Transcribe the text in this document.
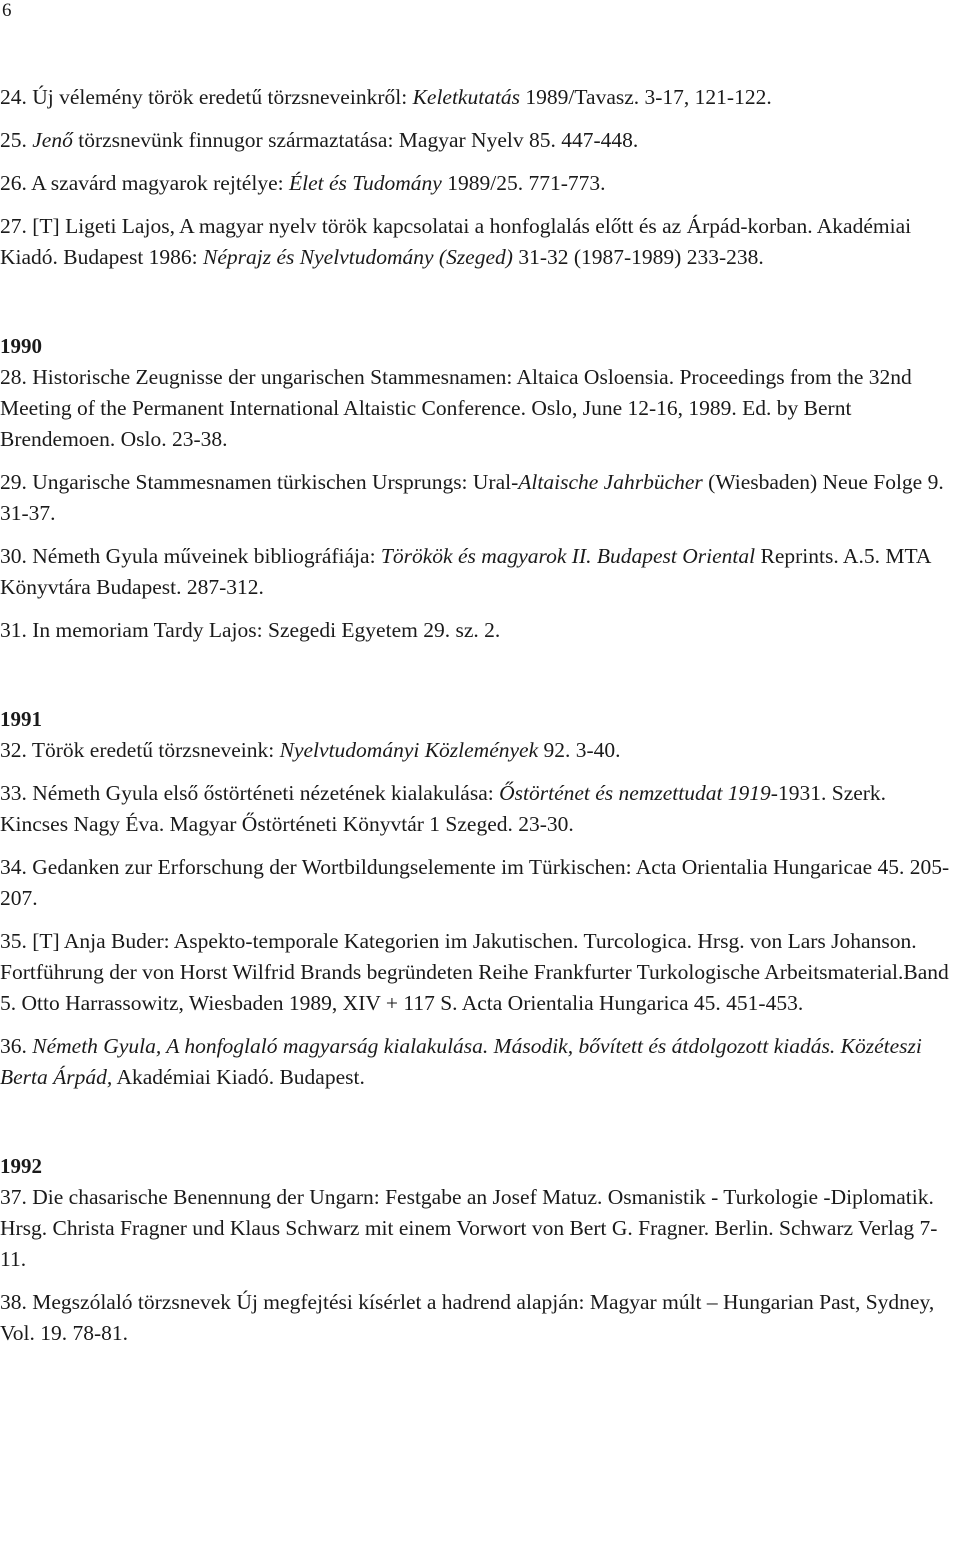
6
24. Új vélemény török eredetű törzsneveinkről: Keletkutatás 1989/Tavasz. 3-17, 121-122.
25. Jenő törzsnevünk finnugor származtatása: Magyar Nyelv 85. 447-448.
26. A szavárd magyarok rejtélye: Élet és Tudomány 1989/25. 771-773.
27. [T] Ligeti Lajos, A magyar nyelv török kapcsolatai a honfoglalás előtt és az Árpád-korban. Akadémiai Kiadó. Budapest 1986: Néprajz és Nyelvtudomány (Szeged) 31-32 (1987-1989) 233-238.
1990
28. Historische Zeugnisse der ungarischen Stammesnamen: Altaica Osloensia. Proceedings from the 32nd Meeting of the Permanent International Altaistic Conference. Oslo, June 12-16, 1989. Ed. by Bernt Brendemoen. Oslo. 23-38.
29. Ungarische Stammesnamen türkischen Ursprungs: Ural-Altaische Jahrbücher (Wiesbaden) Neue Folge 9. 31-37.
30. Németh Gyula műveinek bibliográfiája: Törökök és magyarok II. Budapest Oriental Reprints. A.5. MTA Könyvtára Budapest. 287-312.
31. In memoriam Tardy Lajos: Szegedi Egyetem 29. sz. 2.
1991
32. Török eredetű törzsneveink: Nyelvtudományi Közlemények 92. 3-40.
33. Németh Gyula első őstörténeti nézetének kialakulása: Őstörténet és nemzettudat 1919-1931. Szerk. Kincses Nagy Éva. Magyar Őstörténeti Könyvtár 1 Szeged. 23-30.
34. Gedanken zur Erforschung der Wortbildungselemente im Türkischen: Acta Orientalia Hungaricae 45. 205-207.
35. [T] Anja Buder: Aspekto-temporale Kategorien im Jakutischen. Turcologica. Hrsg. von Lars Johanson. Fortführung der von Horst Wilfrid Brands begründeten Reihe Frankfurter Turkologische Arbeitsmaterial.Band 5. Otto Harrassowitz, Wiesbaden 1989, XIV + 117 S. Acta Orientalia Hungarica 45. 451-453.
36. Németh Gyula, A honfoglaló magyarság kialakulása. Második, bővített és átdolgozott kiadás. Közéteszi Berta Árpád, Akadémiai Kiadó. Budapest.
1992
37. Die chasarische Benennung der Ungarn: Festgabe an Josef Matuz. Osmanistik - Turkologie -Diplomatik. Hrsg. Christa Fragner und Klaus Schwarz mit einem Vorwort von Bert G. Fragner. Berlin. Schwarz Verlag 7-11.
38. Megszólaló törzsnevek Új megfejtési kísérlet a hadrend alapján: Magyar múlt – Hungarian Past, Sydney, Vol. 19. 78-81.
